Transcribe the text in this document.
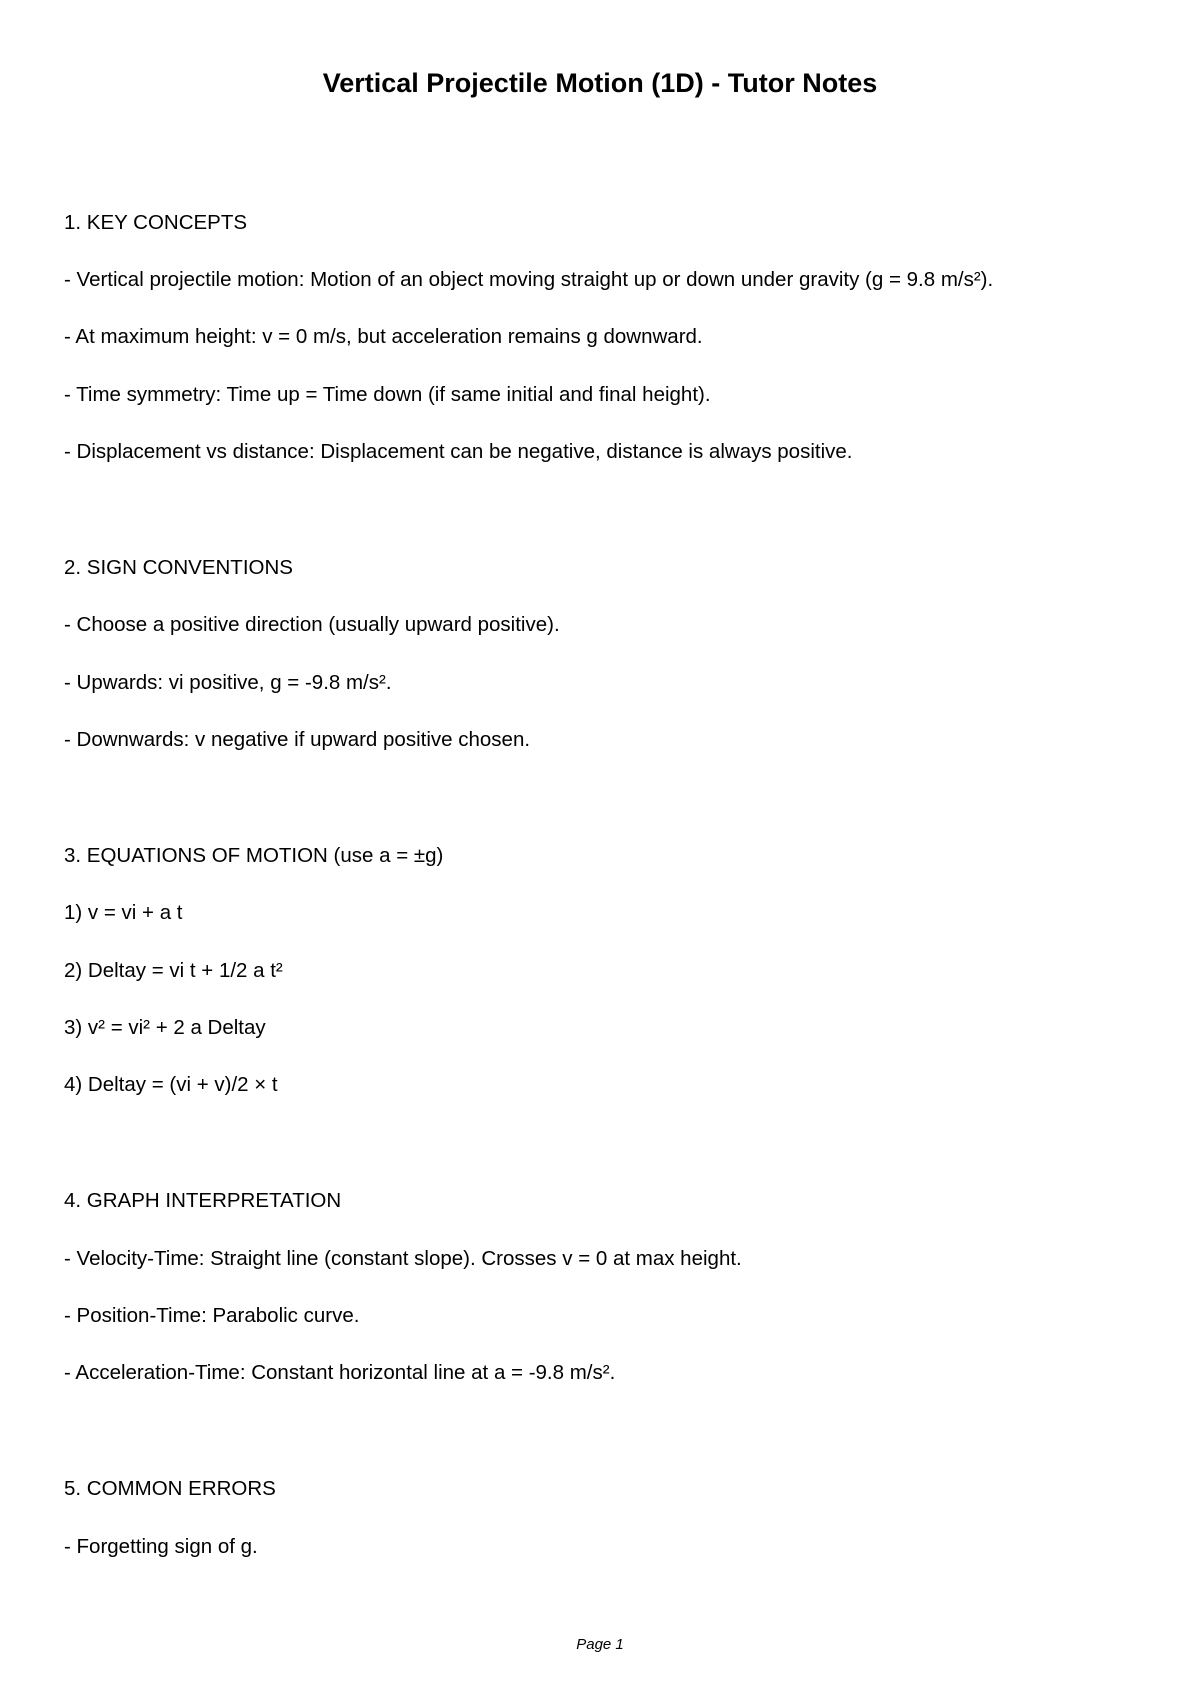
Vertical Projectile Motion (1D) - Tutor Notes

1. KEY CONCEPTS

- Vertical projectile motion: Motion of an object moving straight up or down under gravity (g = 9.8 m/s²).

- At maximum height: v = 0 m/s, but acceleration remains g downward.

- Time symmetry: Time up = Time down (if same initial and final height).

- Displacement vs distance: Displacement can be negative, distance is always positive.

2. SIGN CONVENTIONS

- Choose a positive direction (usually upward positive).

- Upwards: vi positive, g = -9.8 m/s².

- Downwards: v negative if upward positive chosen.

3. EQUATIONS OF MOTION (use a = ±g)

1) v = vi + a t

2) Deltay = vi t + 1/2 a t²

3) v² = vi² + 2 a Deltay

4) Deltay = (vi + v)/2 × t

4. GRAPH INTERPRETATION

- Velocity-Time: Straight line (constant slope). Crosses v = 0 at max height.

- Position-Time: Parabolic curve.

- Acceleration-Time: Constant horizontal line at a = -9.8 m/s².

5. COMMON ERRORS

- Forgetting sign of g.

Page 1
